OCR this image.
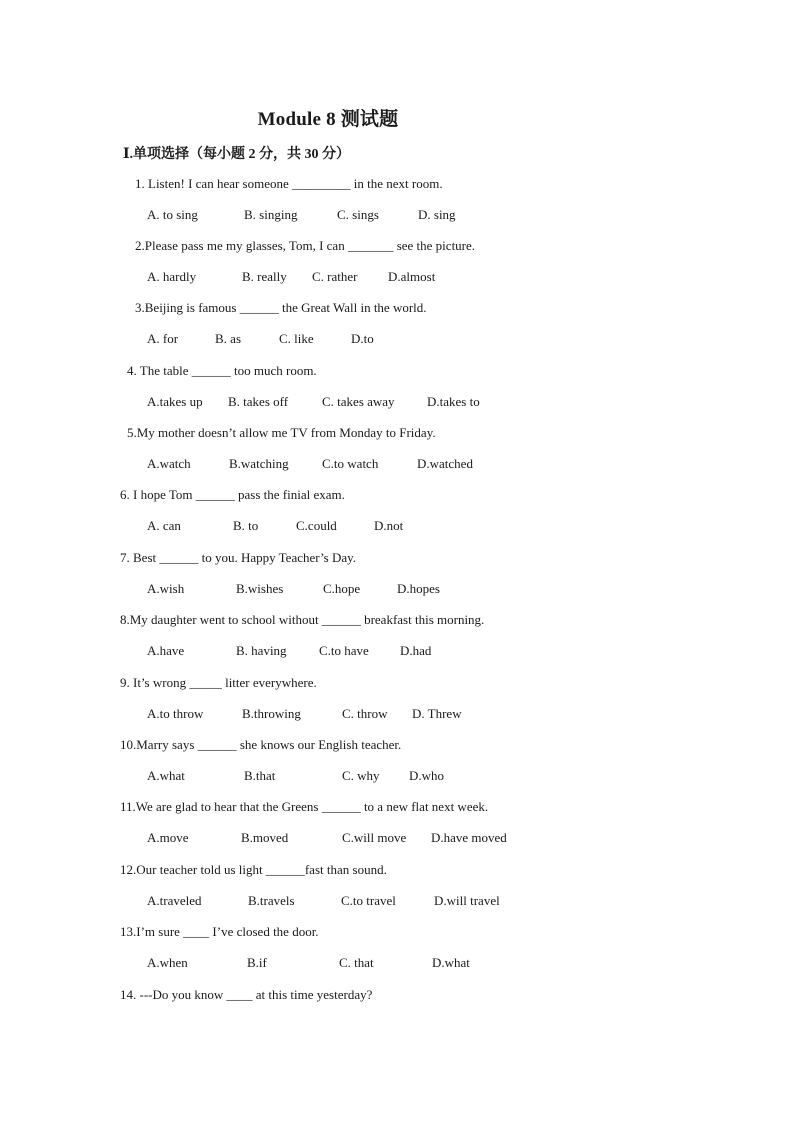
Module 8 测试题
Ⅰ.单项选择（每小题 2 分，共 30 分）
1. Listen! I can hear someone _________ in the next room.
A. to sing	B. singing	C. sings	D. sing
2.Please pass me my glasses, Tom, I can _______ see the picture.
A. hardly	B. really C. rather D.almost
3.Beijing is famous ______ the Great Wall in the world.
A. for	B. as	C. like	D.to
4. The table ______ too much room.
A.takes up B. takes off	C. takes away D.takes to
5.My mother doesn’t allow me TV from Monday to Friday.
A.watch	B.watching	C.to watch	D.watched
6. I hope Tom ______ pass the finial exam.
A. can	B. to	C.could	D.not
7. Best ______ to you. Happy Teacher’s Day.
A.wish	B.wishes	C.hope	D.hopes
8.My daughter went to school without ______ breakfast this morning.
A.have	B. having C.to have D.had
9. It’s wrong _____ litter everywhere.
A.to throw	B.throwing	C. throw D. Threw
10.Marry says ______ she knows our English teacher.
A.what	B.that	C. why D.who
11.We are glad to hear that the Greens ______ to a new flat next week.
A.move	B.moved	C.will move D.have moved
12.Our teacher told us light ______fast than sound.
A.traveled	B.travels	C.to travel	D.will travel
13.I’m sure ____ I’ve closed the door.
A.when	B.if	C. that	D.what
14. ---Do you know ____ at this time yesterday?
